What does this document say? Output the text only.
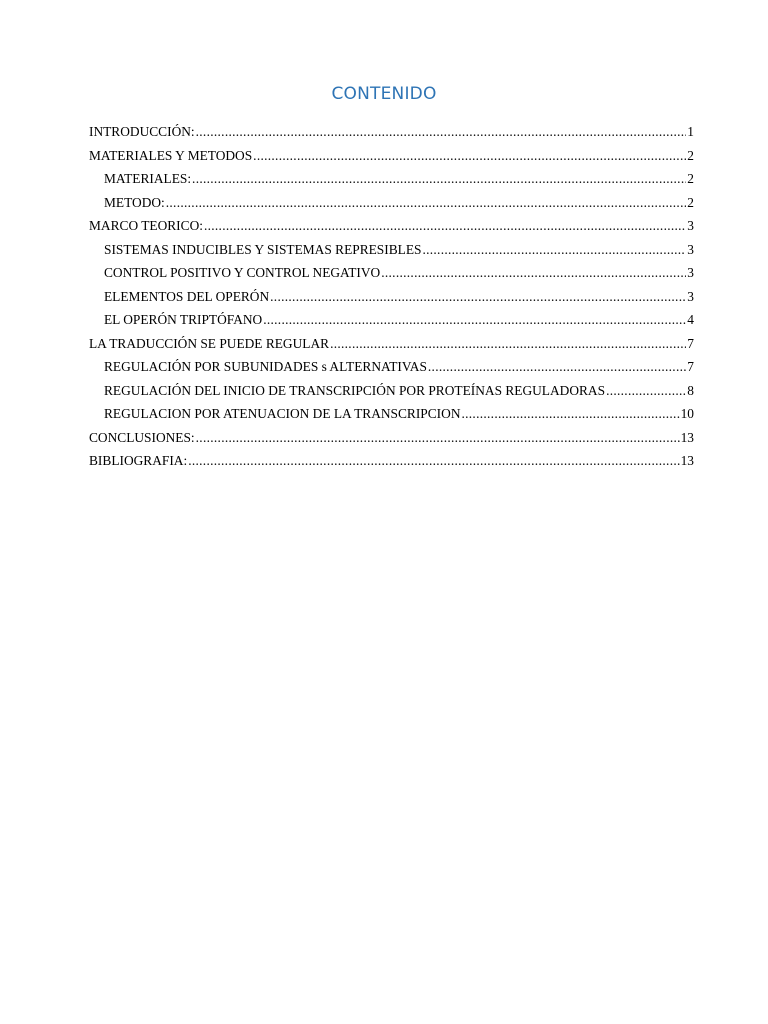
CONTENIDO
INTRODUCCIÓN: .....	1
MATERIALES Y METODOS .....	2
MATERIALES: .....	2
METODO: .....	2
MARCO TEORICO: .....	3
SISTEMAS INDUCIBLES Y SISTEMAS REPRESIBLES .....	3
CONTROL POSITIVO Y CONTROL NEGATIVO .....	3
ELEMENTOS DEL OPERÓN .....	3
EL OPERÓN TRIPTÓFANO .....	4
LA TRADUCCIÓN SE PUEDE REGULAR .....	7
REGULACIÓN POR SUBUNIDADES s ALTERNATIVAS .....	7
REGULACIÓN DEL INICIO DE TRANSCRIPCIÓN POR PROTEÍNAS REGULADORAS .....	8
REGULACION POR ATENUACION DE LA TRANSCRIPCION .....	10
CONCLUSIONES: .....	13
BIBLIOGRAFIA: .....	13
